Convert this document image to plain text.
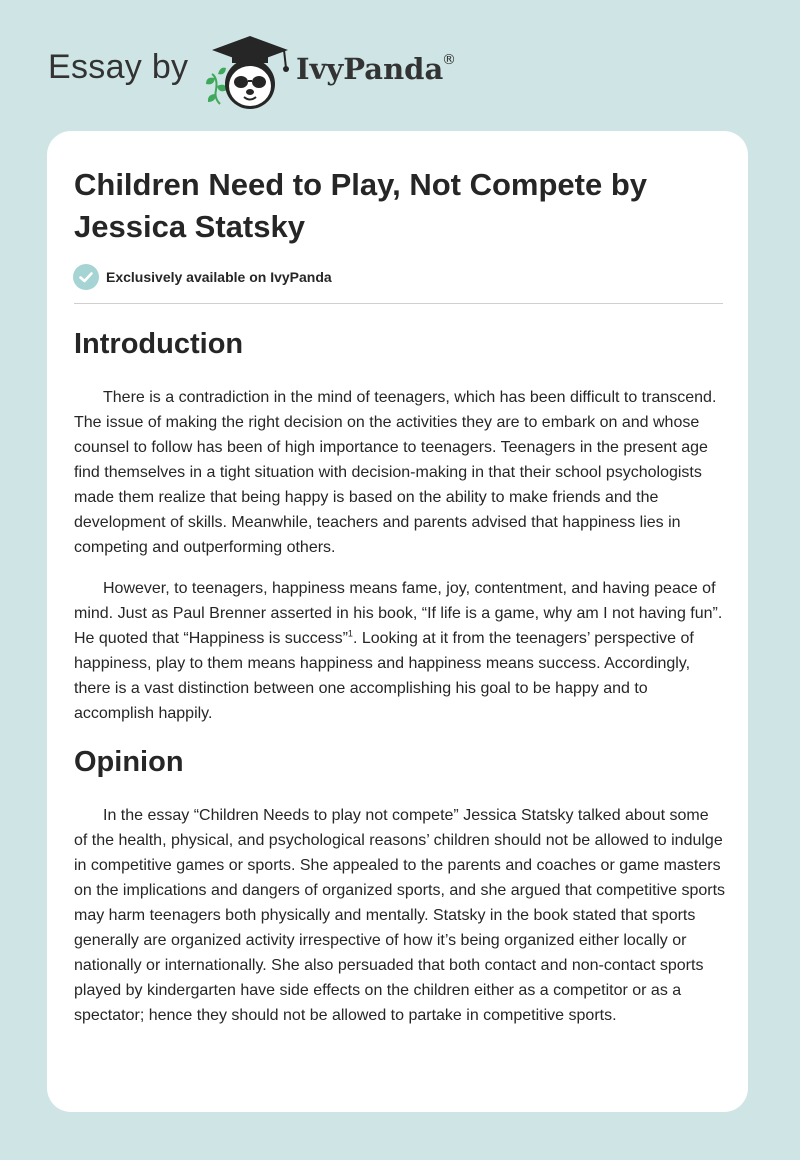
Essay by	IvyPanda
®
Children Need to Play, Not Compete by Jessica Statsky
Exclusively available on IvyPanda
Introduction

There is a contradiction in the mind of teenagers, which has been difficult to transcend. The issue of making the right decision on the activities they are to embark on and whose counsel to follow has been of high importance to teenagers. Teenagers in the present age find themselves in a tight situation with decision-making in that their school psychologists made them realize that being happy is based on the ability to make friends and the development of skills. Meanwhile, teachers and parents advised that happiness lies in competing and outperforming others.

However, to teenagers, happiness means fame, joy, contentment, and having peace of mind. Just as Paul Brenner asserted in his book, “If life is a game, why am I not having fun”. He quoted that “Happiness is success”$^1$. Looking at it from the teenagers’ perspective of happiness, play to them means happiness and happiness means success. Accordingly, there is a vast distinction between one accomplishing his goal to be happy and to accomplish happily.

Opinion

In the essay “Children Needs to play not compete” Jessica Statsky talked about some of the health, physical, and psychological reasons’ children should not be allowed to indulge in competitive games or sports. She appealed to the parents and coaches or game masters on the implications and dangers of organized sports, and she argued that competitive sports may harm teenagers both physically and mentally. Statsky in the book stated that sports generally are organized activity irrespective of how it’s being organized either locally or nationally or internationally. She also persuaded that both contact and non-contact sports played by kindergarten have side effects on the children either as a competitor or as a spectator; hence they should not be allowed to partake in competitive sports.
